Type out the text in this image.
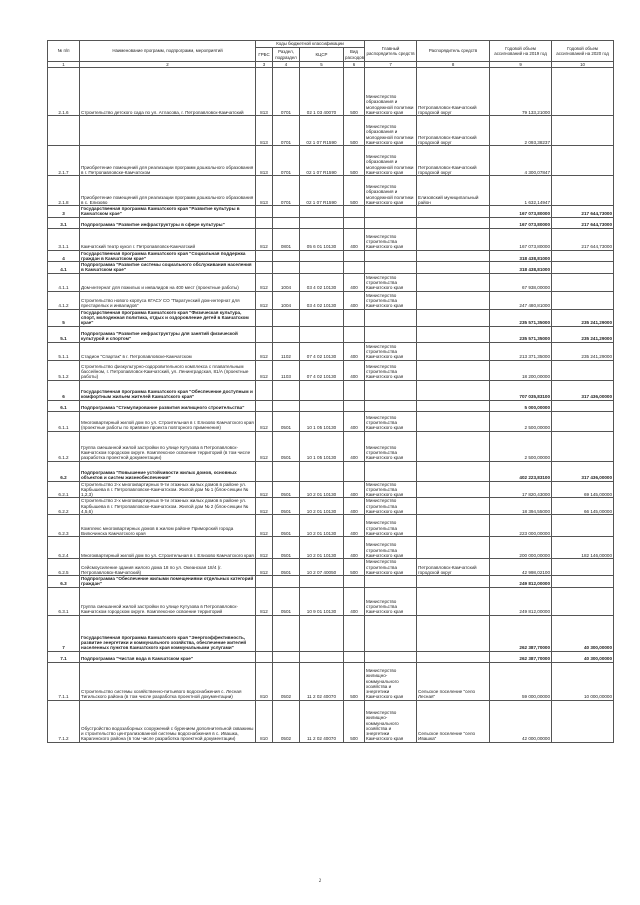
№ п/п	Наименование программ, подпрограмм, мероприятий	Коды бюджетной классификации				Главный распорядитель средств	Распорядитель средств	Годовой объем ассигнований на 2019 год	Годовой объем ассигнований на 2020 год
		ГРБС	Раздел, подраздел	КЦСР	Вид расходов				
1	2	3	4	5	6	7	8	9	10
2.1.6	Строительство детского сада по ул. Атласова, г. Петропавловск-Камчатский	813	0701	02 1 03 40070	500	Министерство образования и молодежной политики Камчатского края	Петропавловск-Камчатский городской округ	79 133,21000	
		813	0701	02 1 07 R1590	500	Министерство образования и молодежной политики Камчатского края	Петропавловск-Камчатский городской округ	2 093,38237	
2.1.7	Приобретение помещений для реализации программ дошкольного образования в г. Петропавловске-Камчатском	813	0701	02 1 07 R1590	500	Министерство образования и молодежной политики Камчатского края	Петропавловск-Камчатский городской округ	4 300,07847	
2.1.8	Приобретение помещений для реализации программ дошкольного образования в с. Елизово	813	0701	02 1 07 R1590	500	Министерство образования и молодежной политики Камчатского края	Елизовский муниципальный район	1 632,14947	
3	Государственная программа Камчатского края "Развитие культуры в Камчатском крае"							167 073,80000	217 644,73000
3.1	Подпрограмма "Развитие инфраструктуры в сфере культуры"							167 073,80000	217 644,73000
3.1.1	Камчатский театр кукол г. Петропавловск-Камчатский	812	0801	05 6 01 10130	400	Министерство строительства Камчатского края		167 073,80000	217 644,73000
4	Государственная программа Камчатского края "Социальная поддержка граждан в Камчатском крае"							318 438,81000	
4.1	Подпрограмма "Развитие системы социального обслуживания населения в Камчатском крае"							318 438,81000	
4.1.1	Дом-интернат для пожилых и инвалидов на 400 мест (проектные работы)	812	1004	03 4 02 10130	400	Министерство строительства Камчатского края		67 938,00000	
4.1.2	Строительство нового корпуса КГАСУ СО "Паратунский дом-интернат для престарелых и инвалидов"	812	1004	03 4 02 10130	400	Министерство строительства Камчатского края		247 480,81000	
5	Государственная программа Камчатского края "Физическая культура, спорт, молодежная политика, отдых и оздоровление детей в Камчатском крае"							235 571,35000	235 241,29000
5.1	Подпрограмма "Развитие инфраструктуры для занятий физической культурой и спортом"							235 571,35000	235 241,29000
5.1.1	Стадион "Спартак" в г. Петропавловске-Камчатском	812	1102	07 4 02 10130	400	Министерство строительства Камчатского края		213 371,35000	235 241,29000
5.1.2	Строительство физкультурно-оздоровительного комплекса с плавательным бассейном, г. Петропавловск-Камчатский, ул. Ленинградская, 81/А (проектные работы)	812	1103	07 4 02 10130	400	Министерство строительства Камчатского края		18 200,00000	
6	Государственная программа Камчатского края "Обеспечение доступным и комфортным жильем жителей Камчатского края"							707 035,83100	317 436,00000
6.1	Подпрограмма "Стимулирование развития жилищного строительства"							5 000,00000	
6.1.1	Многоквартирный жилой дом по ул. Строительная в г. Елизово Камчатского края (проектные работы по привязке проекта повторного применения)	812	0501	10 1 05 10130	400	Министерство строительства Камчатского края		2 500,00000	
6.1.2	Группа смешанной жилой застройки по улице Кутузова в Петропавловск-Камчатском городском округе. Комплексное освоение территорий (в том числе разработка проектной документации)	812	0501	10 1 05 10130	400	Министерство строительства Камчатского края		2 500,00000	
6.2	Подпрограмма "Повышение устойчивости жилых домов, основных объектов и систем жизнеобеспечения"							402 223,83100	317 436,00000
6.2.1	Строительство 2-х многоквартирных 9-ти этажных жилых домов в районе ул. Карбышева в г. Петропавловске-Камчатском. Жилой дом № 1 (блок-секции № 1,2,3)	812	0501	10 2 01 10130	400	Министерство строительства Камчатского края		17 820,43000	69 145,00000
6.2.2	Строительство 2-х многоквартирных 9-ти этажных жилых домов в районе ул. Карбышева в г. Петропавловске-Камчатском. Жилой дом № 2 (блок-секции № 4,5,6)	812	0501	10 2 01 10130	400	Министерство строительства Камчатского края		18 394,55000	66 145,00000
6.2.3	Комплекс многоквартирных домов в жилом районе Приморский города Вилючинска Камчатского края	812	0501	10 2 01 10130	400	Министерство строительства Камчатского края		223 000,00000	
6.2.4	Многоквартирный жилой дом по ул. Строительная в г. Елизово Камчатского края	812	0501	10 2 01 10130	400	Министерство строительства Камчатского края		200 000,00000	182 146,00000
6.2.5	Сейсмоусиление здания жилого дома 18 по ул. Океанская 18/4 (г. Петропавловск-Камчатский)	812	0501	10 2 07 40050	500	Министерство строительства Камчатского края	Петропавловск-Камчатский городской округ	42 998,02100	
6.3	Подпрограмма "Обеспечение жилыми помещениями отдельных категорий граждан"							249 812,00000	
6.3.1	Группа смешанной жилой застройки по улице Кутузова в Петропавловск-Камчатском городском округе. Комплексное освоение территорий	812	0501	10 9 01 10130	400	Министерство строительства Камчатского края		249 812,00000	
7	Государственная программа Камчатского края "Энергоэффективность, развитие энергетики и коммунального хозяйства, обеспечение жителей населенных пунктов Камчатского края коммунальными услугами"							262 387,70000	40 300,00000
7.1	Подпрограмма "Чистая вода в Камчатском крае"							262 387,70000	40 300,00000
7.1.1	Строительство системы хозяйственно-питьевого водоснабжения с. Лесная Тигильского района (в том числе разработка проектной документации)	810	0502	11 2 02 40070	500	Министерство жилищно-коммунального хозяйства и энергетики Камчатского края	Сельское поселение "село Лесная"	59 000,00000	10 000,00000
7.1.2	Обустройство водозаборных сооружений с бурением дополнительной скважины и строительство централизованной системы водоснабжения в с. Ивашка, Карагинского района (в том числе разработка проектной документации)	810	0502	11 2 02 40070	500	Министерство жилищно-коммунального хозяйства и энергетики Камчатского края	Сельское поселение "село Ивашка"	42 000,00000	
2
